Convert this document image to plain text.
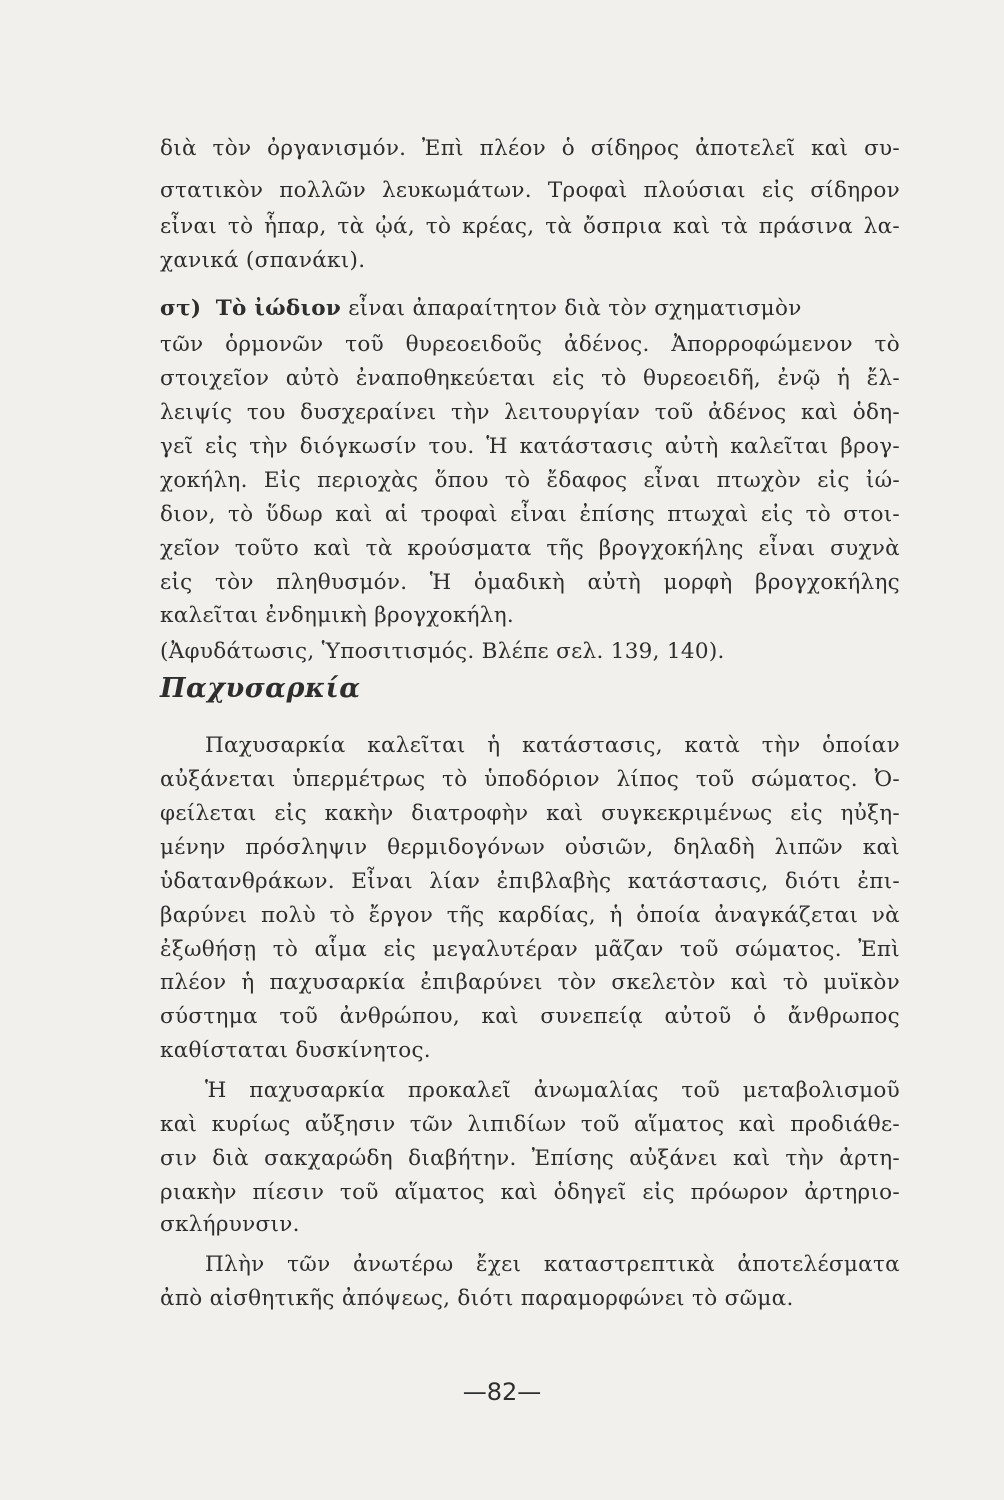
διὰ τὸν ὀργανισμόν. Ἐπὶ πλέον ὁ σίδηρος ἀποτελεῖ καὶ συ-
στατικὸν πολλῶν λευκωμάτων. Τροφαὶ πλούσιαι εἰς σίδηρον
εἶναι τὸ ἧπαρ, τὰ ᾠά, τὸ κρέας, τὰ ὄσπρια καὶ τὰ πράσινα λα-
χανικά (σπανάκι).
στ) Τὸ ἰώδιον εἶναι ἀπαραίτητον διὰ τὸν σχηματισμὸν
τῶν ὁρμονῶν τοῦ θυρεοειδοῦς ἀδένος. Ἀπορροφώμενον τὸ
στοιχεῖον αὐτὸ ἐναποθηκεύεται εἰς τὸ θυρεοειδῆ, ἐνῷ ἡ ἔλ-
λειψίς του δυσχεραίνει τὴν λειτουργίαν τοῦ ἀδένος καὶ ὁδη-
γεῖ εἰς τὴν διόγκωσίν του. Ἡ κατάστασις αὐτὴ καλεῖται βρογ-
χοκήλη. Εἰς περιοχὰς ὅπου τὸ ἔδαφος εἶναι πτωχὸν εἰς ἰώ-
διον, τὸ ὕδωρ καὶ αἱ τροφαὶ εἶναι ἐπίσης πτωχαὶ εἰς τὸ στοι-
χεῖον τοῦτο καὶ τὰ κρούσματα τῆς βρογχοκήλης εἶναι συχνὰ
εἰς τὸν πληθυσμόν. Ἡ ὁμαδικὴ αὐτὴ μορφὴ βρογχοκήλης
καλεῖται ἐνδημικὴ βρογχοκήλη.
(Ἀφυδάτωσις, Ὑποσιτισμός. Βλέπε σελ. 139, 140).
Παχυσαρκία
Παχυσαρκία καλεῖται ἡ κατάστασις, κατὰ τὴν ὁποίαν
αὐξάνεται ὑπερμέτρως τὸ ὑποδόριον λίπος τοῦ σώματος. Ὀ-
φείλεται εἰς κακὴν διατροφὴν καὶ συγκεκριμένως εἰς ηὐξη-
μένην πρόσληψιν θερμιδογόνων οὐσιῶν, δηλαδὴ λιπῶν καὶ
ὑδατανθράκων. Εἶναι λίαν ἐπιβλαβὴς κατάστασις, διότι ἐπι-
βαρύνει πολὺ τὸ ἔργον τῆς καρδίας, ἡ ὁποία ἀναγκάζεται νὰ
ἐξωθήσῃ τὸ αἷμα εἰς μεγαλυτέραν μᾶζαν τοῦ σώματος. Ἐπὶ
πλέον ἡ παχυσαρκία ἐπιβαρύνει τὸν σκελετὸν καὶ τὸ μυϊκὸν
σύστημα τοῦ ἀνθρώπου, καὶ συνεπείᾳ αὐτοῦ ὁ ἄνθρωπος
καθίσταται δυσκίνητος.
Ἡ παχυσαρκία προκαλεῖ ἀνωμαλίας τοῦ μεταβολισμοῦ
καὶ κυρίως αὔξησιν τῶν λιπιδίων τοῦ αἵματος καὶ προδιάθε-
σιν διὰ σακχαρώδη διαβήτην. Ἐπίσης αὐξάνει καὶ τὴν ἀρτη-
ριακὴν πίεσιν τοῦ αἵματος καὶ ὁδηγεῖ εἰς πρόωρον ἀρτηριο-
σκλήρυνσιν.
Πλὴν τῶν ἀνωτέρω ἔχει καταστρεπτικὰ ἀποτελέσματα
ἀπὸ αἰσθητικῆς ἀπόψεως, διότι παραμορφώνει τὸ σῶμα.
—82—
